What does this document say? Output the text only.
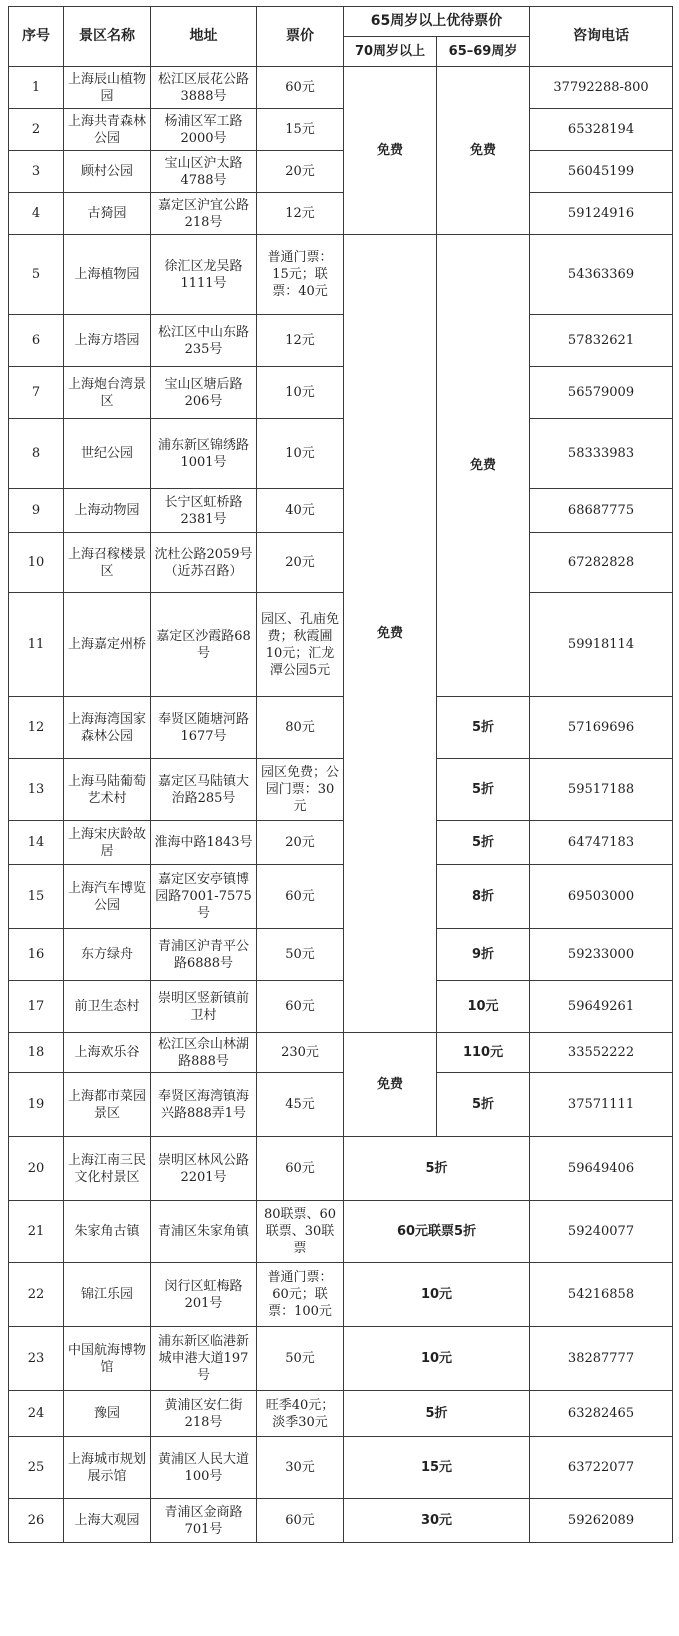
序号	景区名称	地址	票价	65周岁以上优待票价		咨询电话
				70周岁以上	65–69周岁	
1	上海辰山植物园	松江区辰花公路3888号	60元	免费	免费	37792288-800
2	上海共青森林公园	杨浦区军工路2000号	15元			65328194
3	顾村公园	宝山区沪太路4788号	20元			56045199
4	古猗园	嘉定区沪宜公路218号	12元			59124916
5	上海植物园	徐汇区龙吴路1111号	普通门票：15元；联票：40元	免费	免费	54363369
6	上海方塔园	松江区中山东路235号	12元			57832621
7	上海炮台湾景区	宝山区塘后路206号	10元			56579009
8	世纪公园	浦东新区锦绣路1001号	10元			58333983
9	上海动物园	长宁区虹桥路2381号	40元			68687775
10	上海召稼楼景区	沈杜公路2059号（近苏召路）	20元			67282828
11	上海嘉定州桥	嘉定区沙霞路68号	园区、孔庙免费；秋霞圃10元；汇龙潭公园5元			59918114
12	上海海湾国家森林公园	奉贤区随塘河路1677号	80元		5折	57169696
13	上海马陆葡萄艺术村	嘉定区马陆镇大治路285号	园区免费；公园门票：30元		5折	59517188
14	上海宋庆龄故居	淮海中路1843号	20元		5折	64747183
15	上海汽车博览公园	嘉定区安亭镇博园路7001-7575号	60元		8折	69503000
16	东方绿舟	青浦区沪青平公路6888号	50元		9折	59233000
17	前卫生态村	崇明区竖新镇前卫村	60元		10元	59649261
18	上海欢乐谷	松江区佘山林湖路888号	230元	免费	110元	33552222
19	上海都市菜园景区	奉贤区海湾镇海兴路888弄1号	45元		5折	37571111
20	上海江南三民文化村景区	崇明区林风公路2201号	60元	5折		59649406
21	朱家角古镇	青浦区朱家角镇	80联票、60联票、30联票	60元联票5折		59240077
22	锦江乐园	闵行区虹梅路201号	普通门票：60元；联票：100元	10元		54216858
23	中国航海博物馆	浦东新区临港新城申港大道197号	50元	10元		38287777
24	豫园	黄浦区安仁街218号	旺季40元；淡季30元	5折		63282465
25	上海城市规划展示馆	黄浦区人民大道100号	30元	15元		63722077
26	上海大观园	青浦区金商路701号	60元	30元		59262089
